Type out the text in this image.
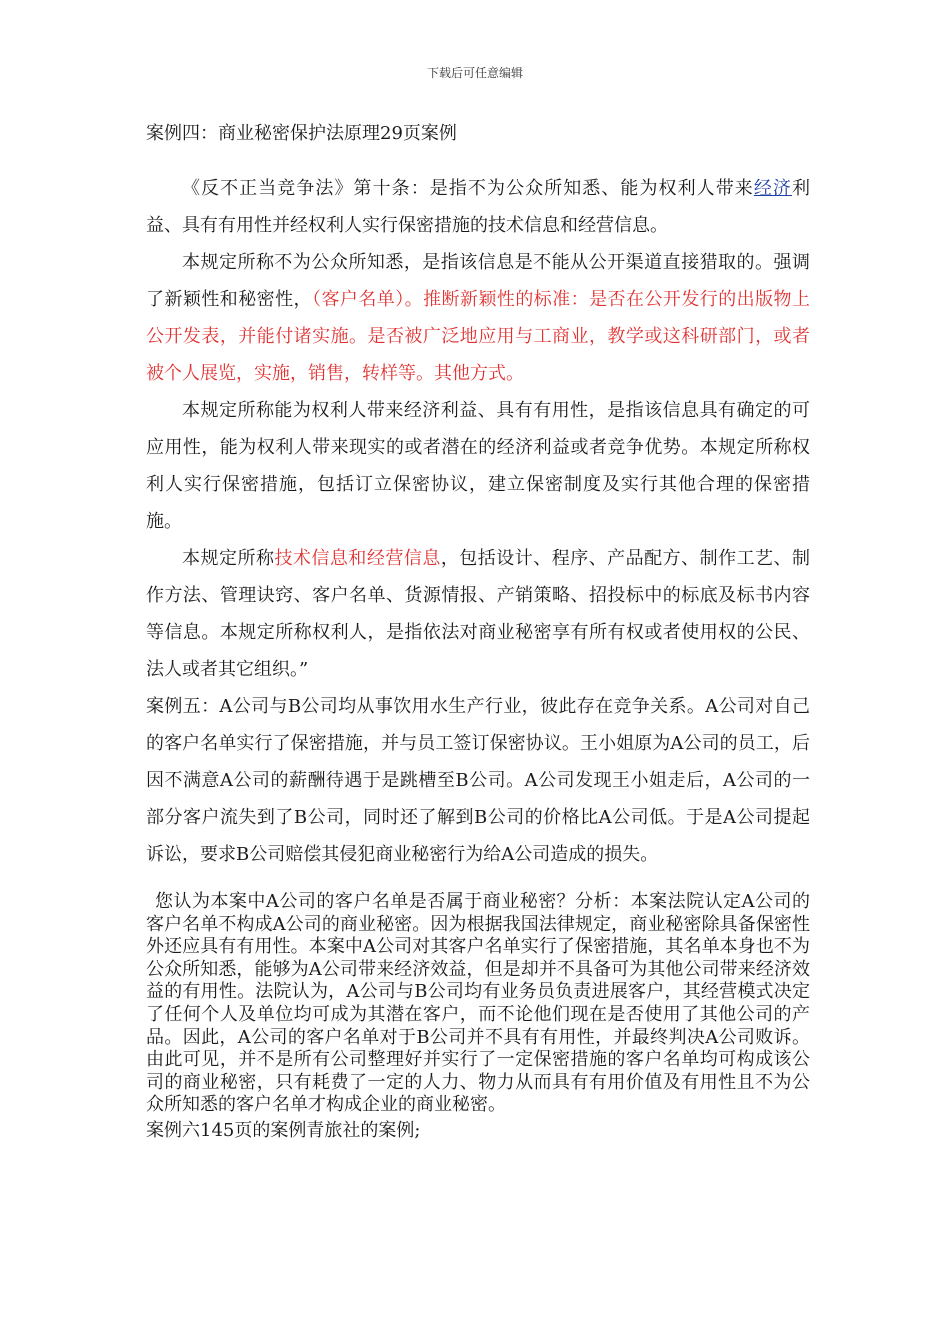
下载后可任意编辑

案例四：商业秘密保护法原理29页案例

《反不正当竞争法》第十条：是指不为公众所知悉、能为权利人带来经济利益、具有有用性并经权利人实行保密措施的技术信息和经营信息。

本规定所称不为公众所知悉，是指该信息是不能从公开渠道直接猎取的。强调了新颖性和秘密性，（客户名单）。推断新颖性的标准：是否在公开发行的出版物上公开发表，并能付诸实施。是否被广泛地应用与工商业，教学或这科研部门，或者被个人展览，实施，销售，转样等。其他方式。

本规定所称能为权利人带来经济利益、具有有用性，是指该信息具有确定的可应用性，能为权利人带来现实的或者潜在的经济利益或者竞争优势。本规定所称权利人实行保密措施，包括订立保密协议，建立保密制度及实行其他合理的保密措施。

本规定所称技术信息和经营信息，包括设计、程序、产品配方、制作工艺、制作方法、管理诀窍、客户名单、货源情报、产销策略、招投标中的标底及标书内容等信息。本规定所称权利人，是指依法对商业秘密享有所有权或者使用权的公民、法人或者其它组织。”

案例五：A公司与B公司均从事饮用水生产行业，彼此存在竞争关系。A公司对自己的客户名单实行了保密措施，并与员工签订保密协议。王小姐原为A公司的员工，后因不满意A公司的薪酬待遇于是跳槽至B公司。A公司发现王小姐走后，A公司的一部分客户流失到了B公司，同时还了解到B公司的价格比A公司低。于是A公司提起诉讼，要求B公司赔偿其侵犯商业秘密行为给A公司造成的损失。

您认为本案中A公司的客户名单是否属于商业秘密？分析：本案法院认定A公司的客户名单不构成A公司的商业秘密。因为根据我国法律规定，商业秘密除具备保密性外还应具有有用性。本案中A公司对其客户名单实行了保密措施，其名单本身也不为公众所知悉，能够为A公司带来经济效益，但是却并不具备可为其他公司带来经济效益的有用性。法院认为，A公司与B公司均有业务员负责进展客户，其经营模式决定了任何个人及单位均可成为其潜在客户，而不论他们现在是否使用了其他公司的产品。因此，A公司的客户名单对于B公司并不具有有用性，并最终判决A公司败诉。由此可见，并不是所有公司整理好并实行了一定保密措施的客户名单均可构成该公司的商业秘密，只有耗费了一定的人力、物力从而具有有用价值及有用性且不为公众所知悉的客户名单才构成企业的商业秘密。

案例六145页的案例青旅社的案例;
